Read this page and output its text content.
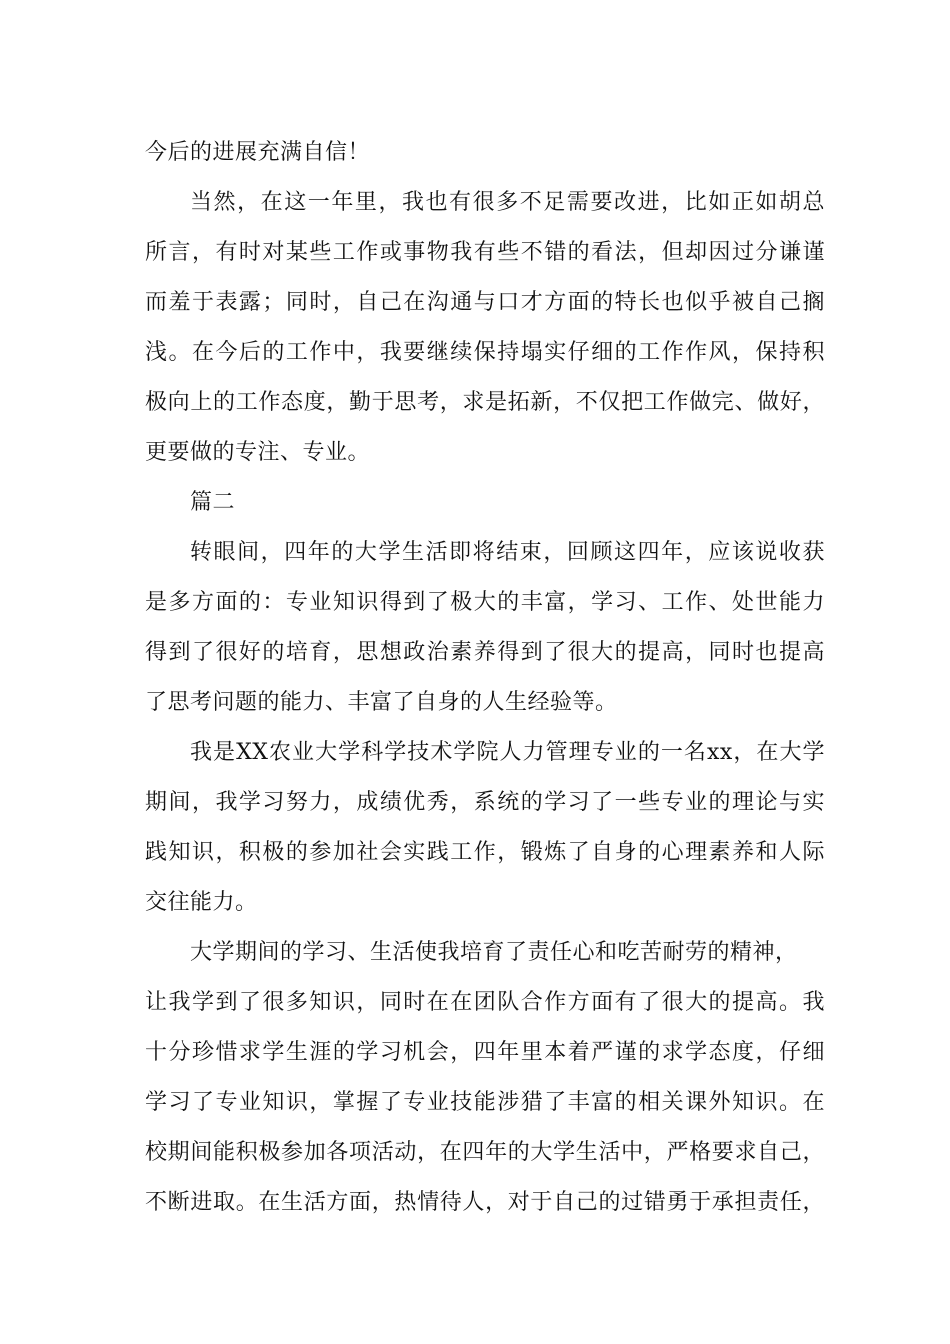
今后的进展充满自信！
当然，在这一年里，我也有很多不足需要改进，比如正如胡总
所言，有时对某些工作或事物我有些不错的看法，但却因过分谦谨
而羞于表露；同时，自己在沟通与口才方面的特长也似乎被自己搁
浅。在今后的工作中，我要继续保持塌实仔细的工作作风，保持积
极向上的工作态度，勤于思考，求是拓新，不仅把工作做完、做好，
更要做的专注、专业。
篇二
转眼间，四年的大学生活即将结束，回顾这四年，应该说收获
是多方面的：专业知识得到了极大的丰富，学习、工作、处世能力
得到了很好的培育，思想政治素养得到了很大的提高，同时也提高
了思考问题的能力、丰富了自身的人生经验等。
我是XX农业大学科学技术学院人力管理专业的一名xx，在大学
期间，我学习努力，成绩优秀，系统的学习了一些专业的理论与实
践知识，积极的参加社会实践工作，锻炼了自身的心理素养和人际
交往能力。
大学期间的学习、生活使我培育了责任心和吃苦耐劳的精神，
让我学到了很多知识，同时在在团队合作方面有了很大的提高。我
十分珍惜求学生涯的学习机会，四年里本着严谨的求学态度，仔细
学习了专业知识，掌握了专业技能涉猎了丰富的相关课外知识。在
校期间能积极参加各项活动，在四年的大学生活中，严格要求自己，
不断进取。在生活方面，热情待人，对于自己的过错勇于承担责任，
